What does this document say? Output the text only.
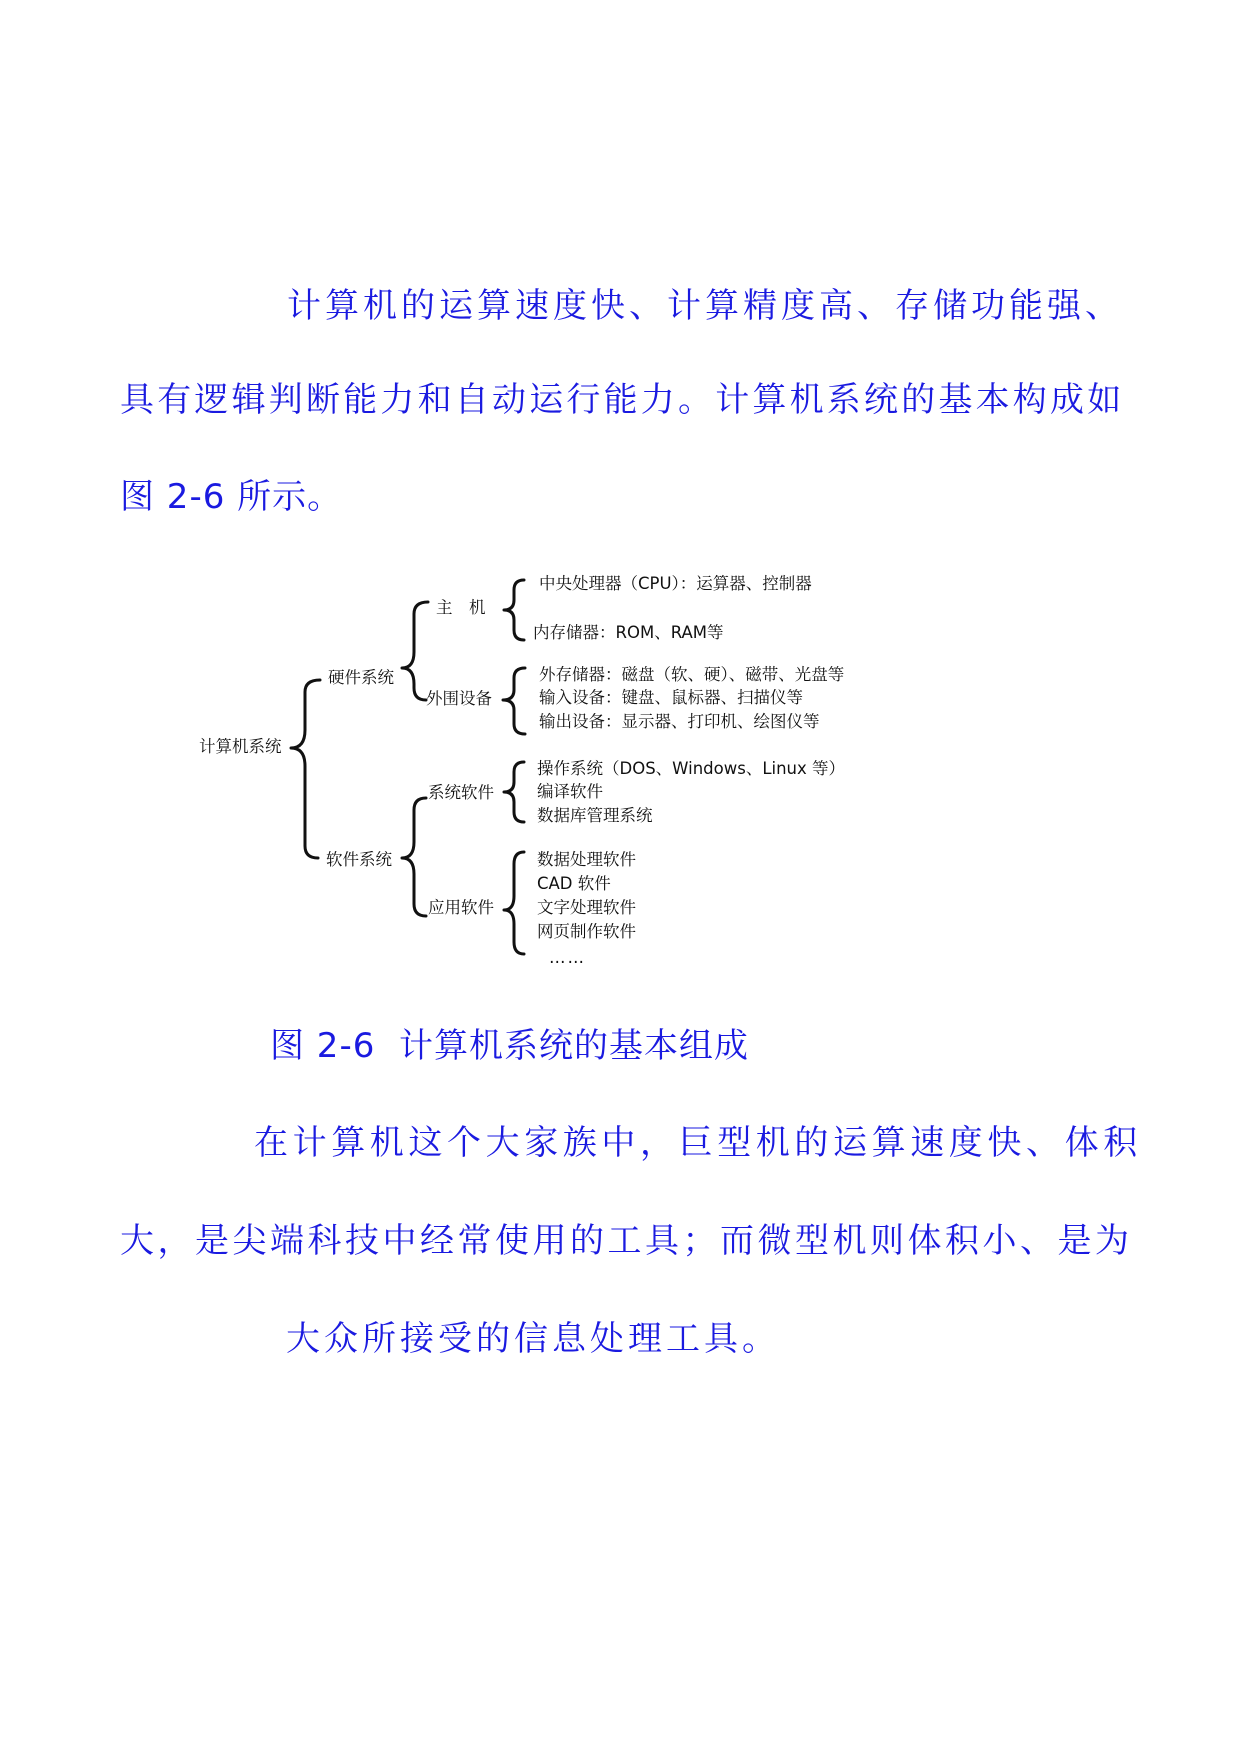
计算机的运算速度快、计算精度高、存储功能强、
具有逻辑判断能力和自动运行能力。计算机系统的基本构成如
图 2-6 所示。
计算机系统
硬件系统
主　机
中央处理器（CPU）：运算器、控制器
内存储器：ROM、RAM等
外围设备
外存储器：磁盘（软、硬）、磁带、光盘等
输入设备：键盘、鼠标器、扫描仪等
输出设备：显示器、打印机、绘图仪等
软件系统
系统软件
操作系统（DOS、Windows、Linux 等）
编译软件
数据库管理系统
应用软件
数据处理软件
CAD 软件
文字处理软件
网页制作软件
……
图 2-6  计算机系统的基本组成
在计算机这个大家族中，巨型机的运算速度快、体积
大，是尖端科技中经常使用的工具；而微型机则体积小、是为
大众所接受的信息处理工具。
